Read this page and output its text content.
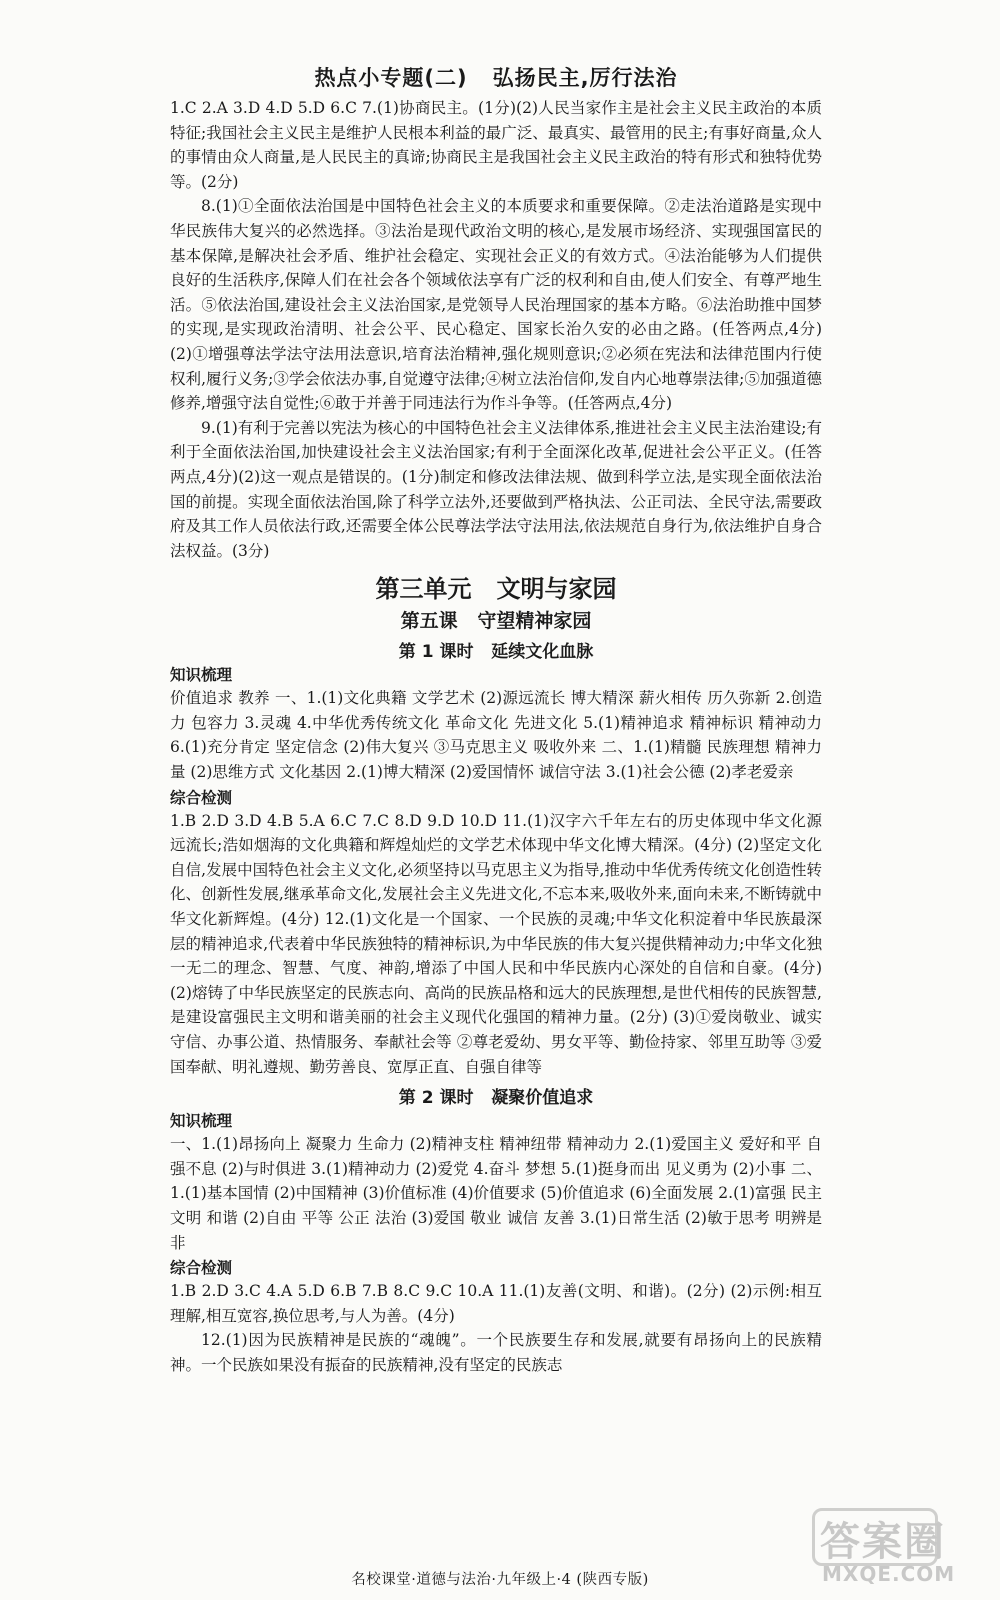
热点小专题(二)   弘扬民主,厉行法治

1.C 2.A 3.D 4.D 5.D 6.C 7.(1)协商民主。(1分)(2)人民当家作主是社会主义民主政治的本质特征;我国社会主义民主是维护人民根本利益的最广泛、最真实、最管用的民主;有事好商量,众人的事情由众人商量,是人民民主的真谛;协商民主是我国社会主义民主政治的特有形式和独特优势等。(2分)

8.(1)①全面依法治国是中国特色社会主义的本质要求和重要保障。②走法治道路是实现中华民族伟大复兴的必然选择。③法治是现代政治文明的核心,是发展市场经济、实现强国富民的基本保障,是解决社会矛盾、维护社会稳定、实现社会正义的有效方式。④法治能够为人们提供良好的生活秩序,保障人们在社会各个领域依法享有广泛的权利和自由,使人们安全、有尊严地生活。⑤依法治国,建设社会主义法治国家,是党领导人民治理国家的基本方略。⑥法治助推中国梦的实现,是实现政治清明、社会公平、民心稳定、国家长治久安的必由之路。(任答两点,4分)(2)①增强尊法学法守法用法意识,培育法治精神,强化规则意识;②必须在宪法和法律范围内行使权利,履行义务;③学会依法办事,自觉遵守法律;④树立法治信仰,发自内心地尊崇法律;⑤加强道德修养,增强守法自觉性;⑥敢于并善于同违法行为作斗争等。(任答两点,4分)

9.(1)有利于完善以宪法为核心的中国特色社会主义法律体系,推进社会主义民主法治建设;有利于全面依法治国,加快建设社会主义法治国家;有利于全面深化改革,促进社会公平正义。(任答两点,4分)(2)这一观点是错误的。(1分)制定和修改法律法规、做到科学立法,是实现全面依法治国的前提。实现全面依法治国,除了科学立法外,还要做到严格执法、公正司法、全民守法,需要政府及其工作人员依法行政,还需要全体公民尊法学法守法用法,依法规范自身行为,依法维护自身合法权益。(3分)

第三单元   文明与家园
第五课   守望精神家园
第 1 课时   延续文化血脉
知识梳理

价值追求 教养 一、1.(1)文化典籍 文学艺术 (2)源远流长 博大精深 薪火相传 历久弥新 2.创造力 包容力 3.灵魂 4.中华优秀传统文化 革命文化 先进文化 5.(1)精神追求 精神标识 精神动力 6.(1)充分肯定 坚定信念 (2)伟大复兴 ③马克思主义 吸收外来 二、1.(1)精髓 民族理想 精神力量 (2)思维方式 文化基因 2.(1)博大精深 (2)爱国情怀 诚信守法 3.(1)社会公德 (2)孝老爱亲

综合检测

1.B 2.D 3.D 4.B 5.A 6.C 7.C 8.D 9.D 10.D 11.(1)汉字六千年左右的历史体现中华文化源远流长;浩如烟海的文化典籍和辉煌灿烂的文学艺术体现中华文化博大精深。(4分) (2)坚定文化自信,发展中国特色社会主义文化,必须坚持以马克思主义为指导,推动中华优秀传统文化创造性转化、创新性发展,继承革命文化,发展社会主义先进文化,不忘本来,吸收外来,面向未来,不断铸就中华文化新辉煌。(4分) 12.(1)文化是一个国家、一个民族的灵魂;中华文化积淀着中华民族最深层的精神追求,代表着中华民族独特的精神标识,为中华民族的伟大复兴提供精神动力;中华文化独一无二的理念、智慧、气度、神韵,增添了中国人民和中华民族内心深处的自信和自豪。(4分) (2)熔铸了中华民族坚定的民族志向、高尚的民族品格和远大的民族理想,是世代相传的民族智慧,是建设富强民主文明和谐美丽的社会主义现代化强国的精神力量。(2分) (3)①爱岗敬业、诚实守信、办事公道、热情服务、奉献社会等 ②尊老爱幼、男女平等、勤俭持家、邻里互助等 ③爱国奉献、明礼遵规、勤劳善良、宽厚正直、自强自律等

第 2 课时   凝聚价值追求
知识梳理

一、1.(1)昂扬向上 凝聚力 生命力 (2)精神支柱 精神纽带 精神动力 2.(1)爱国主义 爱好和平 自强不息 (2)与时俱进 3.(1)精神动力 (2)爱党 4.奋斗 梦想 5.(1)挺身而出 见义勇为 (2)小事 二、1.(1)基本国情 (2)中国精神 (3)价值标准 (4)价值要求 (5)价值追求 (6)全面发展 2.(1)富强 民主 文明 和谐 (2)自由 平等 公正 法治 (3)爱国 敬业 诚信 友善 3.(1)日常生活 (2)敏于思考 明辨是非

综合检测

1.B 2.D 3.C 4.A 5.D 6.B 7.B 8.C 9.C 10.A 11.(1)友善(文明、和谐)。(2分) (2)示例:相互理解,相互宽容,换位思考,与人为善。(4分)

12.(1)因为民族精神是民族的“魂魄”。一个民族要生存和发展,就要有昂扬向上的民族精神。一个民族如果没有振奋的民族精神,没有坚定的民族志

名校课堂·道德与法治·九年级上·4 (陕西专版)
答案圈
MXQE.COM
